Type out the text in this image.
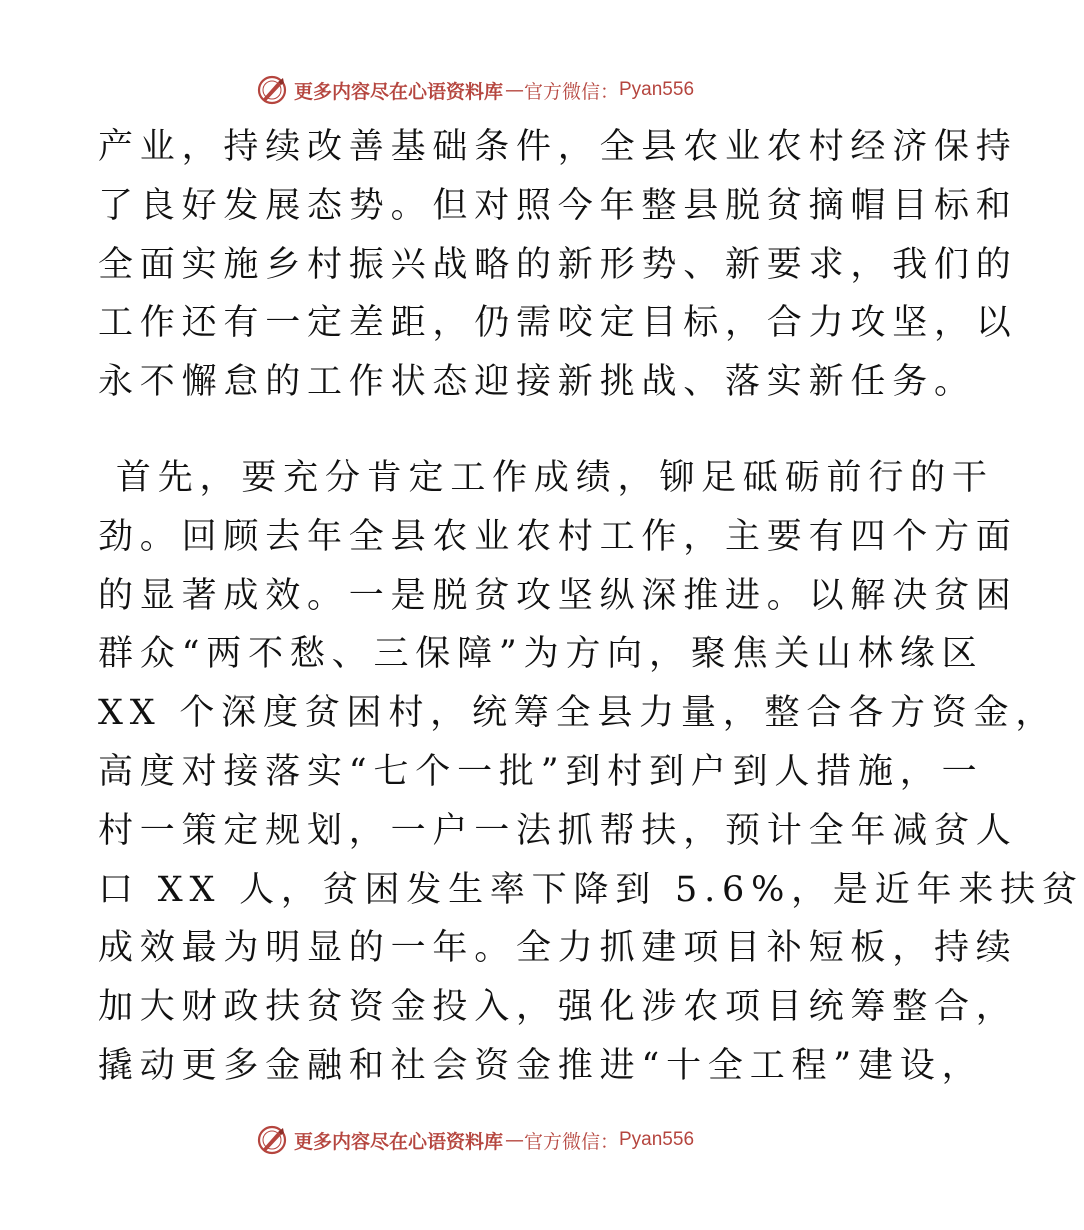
更多内容尽在心语资料库 — 官方微信： Pyan556
产业，持续改善基础条件，全县农业农村经济保持
了良好发展态势。但对照今年整县脱贫摘帽目标和
全面实施乡村振兴战略的新形势、新要求，我们的
工作还有一定差距，仍需咬定目标，合力攻坚，以
永不懈怠的工作状态迎接新挑战、落实新任务。
首先，要充分肯定工作成绩，铆足砥砺前行的干
劲。回顾去年全县农业农村工作，主要有四个方面
的显著成效。一是脱贫攻坚纵深推进。以解决贫困
群众“两不愁、三保障”为方向，聚焦关山林缘区
XX 个深度贫困村，统筹全县力量，整合各方资金，
高度对接落实“七个一批”到村到户到人措施，一
村一策定规划，一户一法抓帮扶，预计全年减贫人
口 XX 人，贫困发生率下降到 5.6%，是近年来扶贫
成效最为明显的一年。全力抓建项目补短板，持续
加大财政扶贫资金投入，强化涉农项目统筹整合，
撬动更多金融和社会资金推进“十全工程”建设，
更多内容尽在心语资料库 — 官方微信： Pyan556
